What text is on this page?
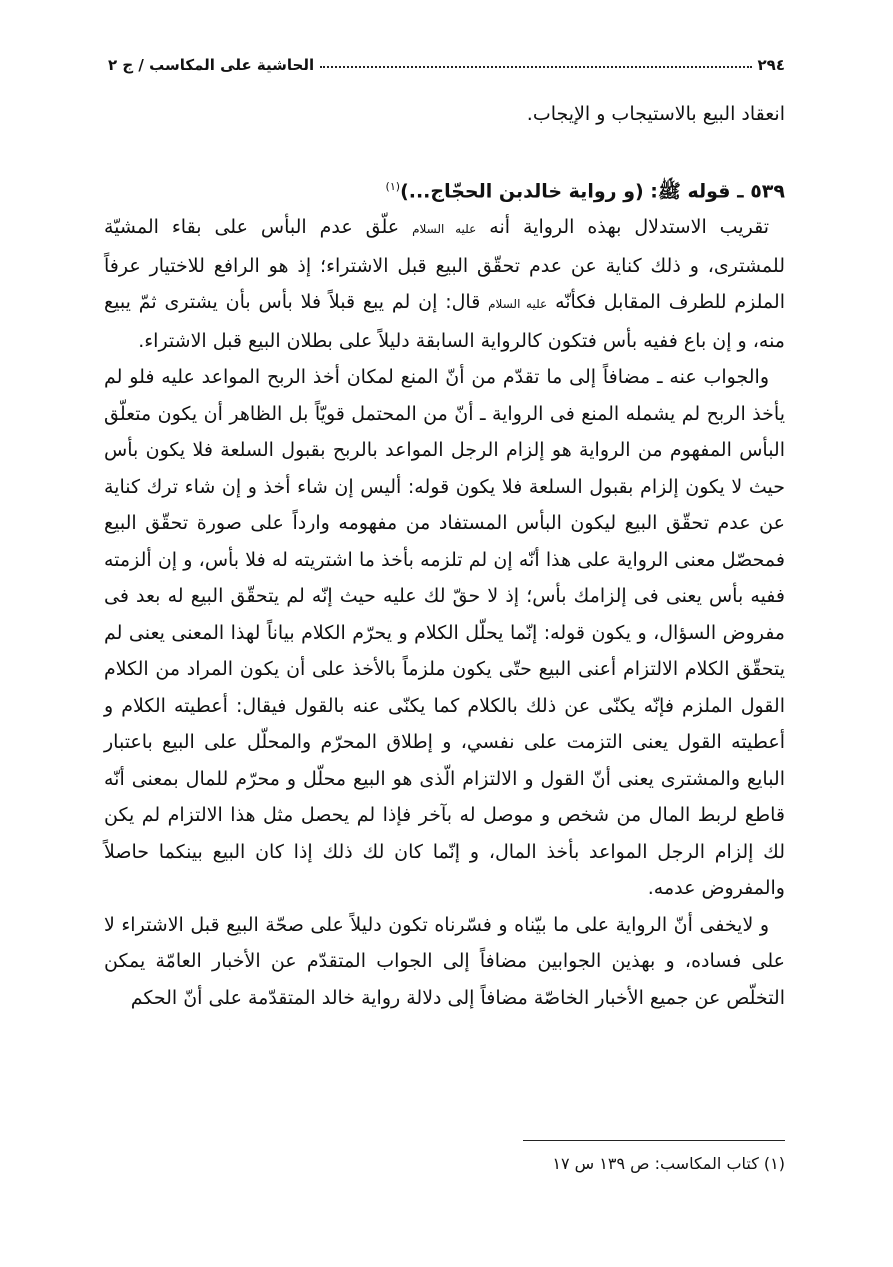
٢٩٤
الحاشية على المكاسب / ج ٢

انعقاد البيع بالاستيجاب و الإيجاب.

٥٣٩ ـ قوله ﷺ: (و رواية خالدبن الحجّاج...)$^{(١)}$

تقريب الاستدلال بهذه الرواية أنه عليه السلام علّق عدم البأس على بقاء المشيّة للمشترى، و ذلك كناية عن عدم تحقّق البيع قبل الاشتراء؛ إذ هو الرافع للاختيار عرفاً الملزم للطرف المقابل فكأنّه عليه السلام قال: إن لم يبع قبلاً فلا بأس بأن يشترى ثمّ يبيع منه، و إن باع ففيه بأس فتكون كالرواية السابقة دليلاً على بطلان البيع قبل الاشتراء.

والجواب عنه ـ مضافاً إلى ما تقدّم من أنّ المنع لمكان أخذ الربح المواعد عليه فلو لم يأخذ الربح لم يشمله المنع فى الرواية ـ أنّ من المحتمل قويّاً بل الظاهر أن يكون متعلّق البأس المفهوم من الرواية هو إلزام الرجل المواعد بالربح بقبول السلعة فلا يكون بأس حيث لا يكون إلزام بقبول السلعة فلا يكون قوله: أليس إن شاء أخذ و إن شاء ترك كناية عن عدم تحقّق البيع ليكون البأس المستفاد من مفهومه وارداً على صورة تحقّق البيع فمحصّل معنى الرواية على هذا أنّه إن لم تلزمه بأخذ ما اشتريته له فلا بأس، و إن ألزمته ففيه بأس يعنى فى إلزامك بأس؛ إذ لا حقّ لك عليه حيث إنّه لم يتحقّق البيع له بعد فى مفروض السؤال، و يكون قوله: إنّما يحلّل الكلام و يحرّم الكلام بياناً لهذا المعنى يعنى لم يتحقّق الكلام الالتزام أعنى البيع حتّى يكون ملزماً بالأخذ على أن يكون المراد من الكلام القول الملزم فإنّه يكنّى عن ذلك بالكلام كما يكنّى عنه بالقول فيقال: أعطيته الكلام و أعطيته القول يعنى التزمت على نفسي، و إطلاق المحرّم والمحلّل على البيع باعتبار البايع والمشترى يعنى أنّ القول و الالتزام الّذى هو البيع محلّل و محرّم للمال بمعنى أنّه قاطع لربط المال من شخص و موصل له بآخر فإذا لم يحصل مثل هذا الالتزام لم يكن لك إلزام الرجل المواعد بأخذ المال، و إنّما كان لك ذلك إذا كان البيع بينكما حاصلاً والمفروض عدمه.

و لايخفى أنّ الرواية على ما بيّناه و فسّرناه تكون دليلاً على صحّة البيع قبل الاشتراء لا على فساده، و بهذين الجوابين مضافاً إلى الجواب المتقدّم عن الأخبار العامّة يمكن التخلّص عن جميع الأخبار الخاصّة مضافاً إلى دلالة رواية خالد المتقدّمة على أنّ الحكم

(١) كتاب المكاسب: ص ١٣٩ س ١٧
